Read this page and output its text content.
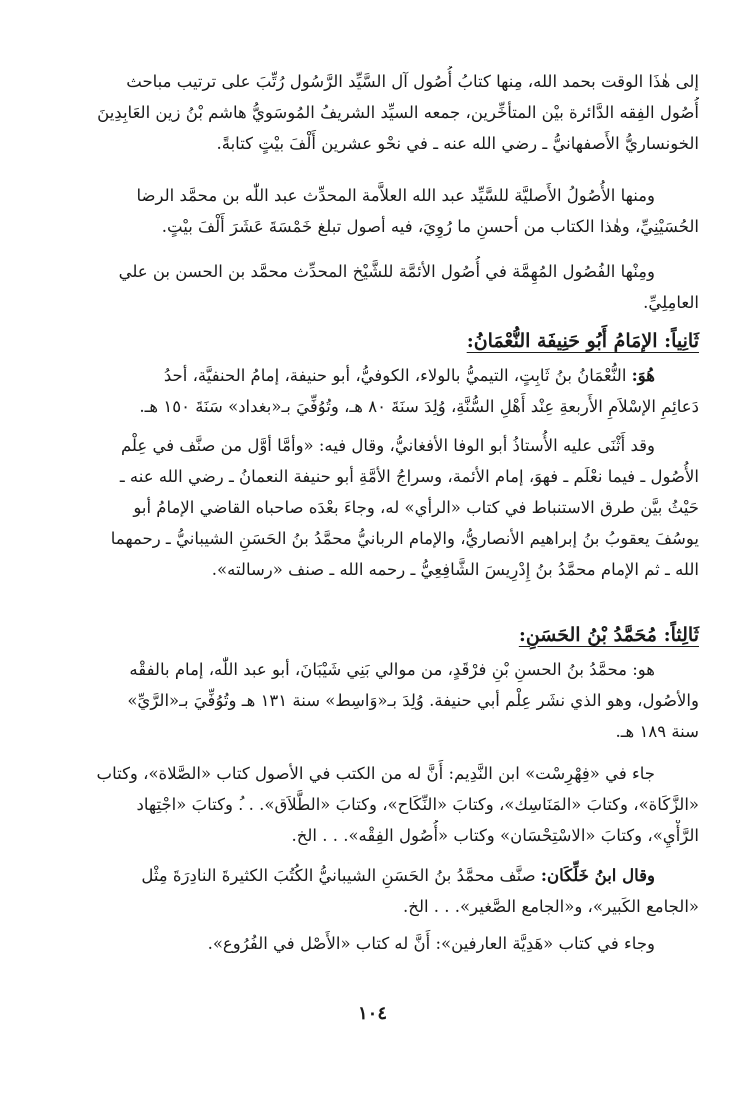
إلى هٰذَا الوقت بحمد الله، مِنها كتابُ أُصُول آل السَّيِّد الرَّسُول رُتِّبَ على ترتيب مباحث
أُصُول الفِقه الدَّائرة بيْن المتأخِّرين، جمعه السيِّد الشريفُ المُوسَويُّ هاشم بْنُ زين العَابِدِينَ
الخونساريُّ الأَصفهانيُّ ـ رضي الله عنه ـ في نحْو عشرين أَلْفَ بيْتٍ كتابةً.

ومنها الأُصُولُ الأَصليَّة للسَّيِّد عبد الله العلاَّمة المحدِّث عبد اللّٰه بن محمَّد الرضا
الحُسَيْنِيِّ، وهٰذا الكتاب من أحسنِ ما رُوِيَ، فيه أصول تبلغ خَمْسَةَ عَشَرَ أَلْفَ بيْتٍ.

ومِنْها الفُصُول المُهِمَّة في أُصُول الأئمَّة للشَّيْخ المحدِّث محمَّد بن الحسن بن علي
العامِلِيِّ.

ثَانِياً: الإمَامُ أَبُو حَنِيفَة النُّعْمَانُ:

هُوَ: النُّعْمَانُ بنُ ثَابِتٍ، التيميُّ بالولاء، الكوفيُّ، أبو حنيفة، إمامُ الحنفيَّة، أحدُ
دَعائِمِ الإسْلاَمِ الأَربعةِ عِنْد أَهْلِ السُّنَّةِ، وُلِدَ سنَةَ ٨٠ هـ، وتُوُفِّيَ بـ«بغداد» سَنَةَ ١٥٠ هـ.

وقد أَثْنَى عليه الأُستاذُ أبو الوفا الأفغانيُّ، وقال فيه: «وأمَّا أوَّل من صنَّف في عِلْم
الأُصُول ـ فيما نعْلَم ـ فهوَ، إمام الأئمة، وسراجُ الأمَّةِ أبو حنيفة النعمانُ ـ رضي الله عنه ـ
حَيْثُ بيَّن طرق الاستنباط في كتاب «الرأي» له، وجاءَ بعْدَه صاحباه القاضي الإمامُ أبو
يوسُفَ يعقوبُ بنُ إبراهيم الأنصاريُّ، والإمام الربانيُّ محمَّدُ بنُ الحَسَنِ الشيبانيُّ ـ رحمهما
الله ـ ثم الإمام محمَّدُ بنُ إِدْرِيسَ الشَّافِعِيُّ ـ رحمه الله ـ صنف «رسالته».

ثَالِثاً: مُحَمَّدُ بْنُ الحَسَنِ:

هو: محمَّدُ بنُ الحسنِ بْنِ فرْقَدٍ، من موالي بَنِي شَيْبَانَ، أبو عبد اللّٰه، إمام بالفقْه
والأصُول، وهو الذي نشَر عِلْم أبي حنيفة. وُلِدَ بـ«وَاسِط» سنة ١٣١ هـ وتُوُفِّيَ بـ«الرَّيِّ»
سنة ١٨٩ هـ.

جاء في «فِهْرِسْت» ابن النَّدِيم: أَنَّ له من الكتب في الأصول كتاب «الصَّلاة»، وكتاب
«الزَّكَاة»، وكتابَ «المَنَاسِك»، وكتابَ «النِّكَاح»، وكتابَ «الطَّلاَق». . .ُ وكتابَ «اجْتِهاد
الرَّأْيِ»، وكتابَ «الاسْتِحْسَان» وكتاب «أُصُول الفِقْه». . . الخ.

وقال ابنُ خَلِّكَان: صنَّف محمَّدُ بنُ الحَسَنِ الشيبانيُّ الكُتُبَ الكثيرةَ النادِرَةَ مِثْل
«الجامع الكَبير»، و«الجامع الصَّغير». . . الخ.

وجاء في كتاب «هَدِيَّة العارفين»: أَنَّ له كتاب «الأَصْل في الفُرُوع».

١٠٤
